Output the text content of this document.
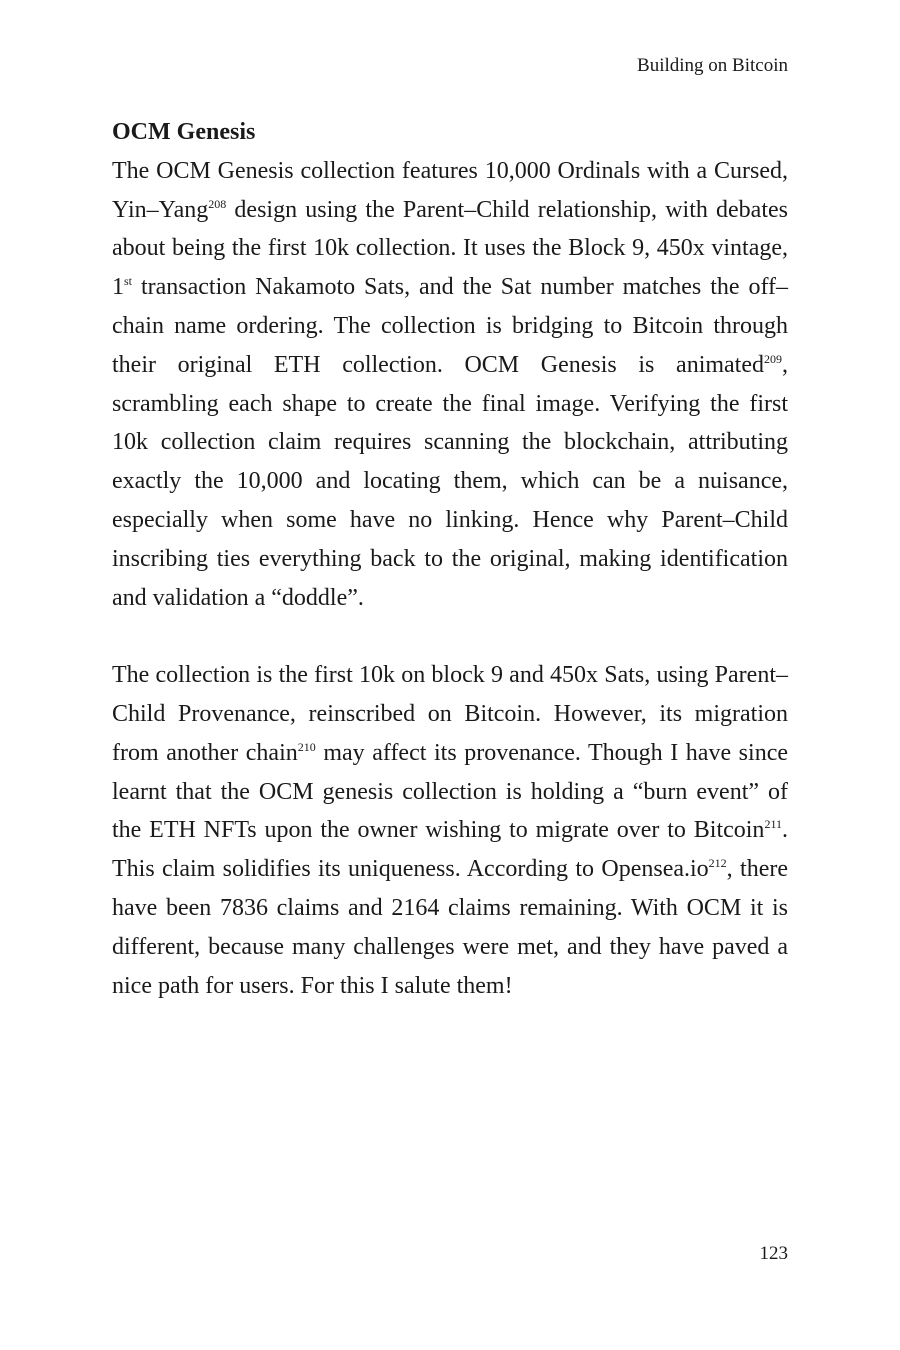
Building on Bitcoin
OCM Genesis

The OCM Genesis collection features 10,000 Ordinals with a Cursed, Yin–Yang$^{208}$ design using the Parent–Child relationship, with debates about being the first 10k collection. It uses the Block 9, 450x vintage, 1st transaction Nakamoto Sats, and the Sat number matches the off–chain name ordering. The collection is bridging to Bitcoin through their original ETH collection. OCM Genesis is animated$^{209}$, scrambling each shape to create the final image. Verifying the first 10k collection claim requires scanning the blockchain, attributing exactly the 10,000 and locating them, which can be a nuisance, especially when some have no linking. Hence why Parent–Child inscribing ties everything back to the original, making identification and validation a “doddle”.

The collection is the first 10k on block 9 and 450x Sats, using Parent–Child Provenance, reinscribed on Bitcoin. However, its migration from another chain$^{210}$ may affect its provenance. Though I have since learnt that the OCM genesis collection is holding a “burn event” of the ETH NFTs upon the owner wishing to migrate over to Bitcoin$^{211}$. This claim solidifies its uniqueness. According to $Opensea.io^{212}$, there have been 7836 claims and 2164 claims remaining. With OCM it is different, because many challenges were met, and they have paved a nice path for users. For this I salute them!

123
